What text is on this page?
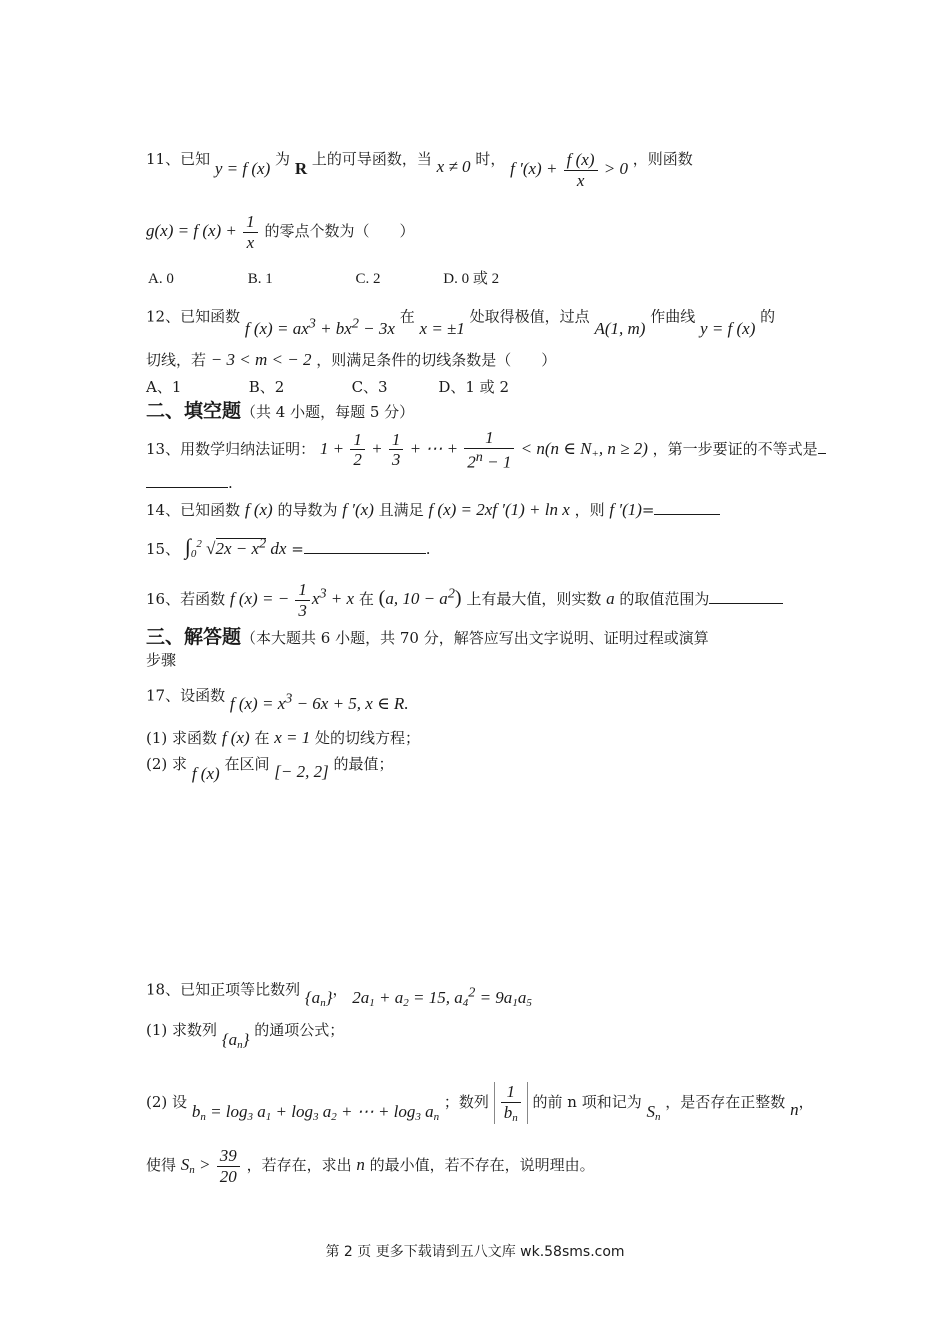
11、已知 y = f (x) 为 R 上的可导函数，当 x ≠ 0 时， f $'(x) + \frac{f (x)}{x} > 0$ ，则函数
g(x) = f $(x) + \frac{1}{x}$ 的零点个数为（　　）
A. 0	B. 1	C. 2	D. 0 或 2
12、已知函数 f $(x) = ax^3 + bx^2 - 3x$ 在 x = ±1 处取得极值，过点 A(1, m) 作曲线 y = f (x) 的
切线，若 − 3 < m < − 2 ，则满足条件的切线条数是（　　）
A、1	B、2	C、3	D、1 或 2
二、填空题（共 4 小题，每题 5 分）
13、用数学归纳法证明： $1 + \frac{1}{2} + \frac{1}{3}$ + ⋯ + $\frac{1}{2^n - 1} < n(n$ ∈ $N_+$, n ≥ 2) ，第一步要证的不等式是
.
14、已知函数 f (x) 的导数为 f ′(x) 且满足 f (x) = 2xf ′(1) + ln x ，则 f ′(1)=
15、 $\int_0^2$ $√2x - x^2$ dx =	.
16、若函数 f (x) = − $\frac{1}{3} x^3 + x$ 在 (a, $10 - a^2$) 上有最大值，则实数 a 的取值范围为
三、解答题（本大题共 6 小题，共 70 分，解答应写出文字说明、证明过程或演算
步骤
17、设函数 f $(x) = x^3 - 6x + 5$, x ∈ R.
(1) 求函数 f (x) 在 x = 1 处的切线方程；
(2) 求 f (x) 在区间 [− 2, 2] 的最值；
18、已知正项等比数列 $\{a_n\}$， $2a_1 + a_2 = 15$, $a_4^2 = 9a_1a_5$
(1) 求数列 $\{a_n\}$ 的通项公式；
(2) 设 $b_n = \log_3 a_1 + \log_3 a_2$ + ⋯ + $\log_3 a_n$ ；数列 $\frac{1}{b_n}$ 的前 n 项和记为 $S_n$ ，是否存在正整数 n，
使得 $S_n > \frac{39}{20}$ ，若存在，求出 n 的最小值，若不存在，说明理由。
第 2 页 更多下载请到五八文库 wk.58sms.com
